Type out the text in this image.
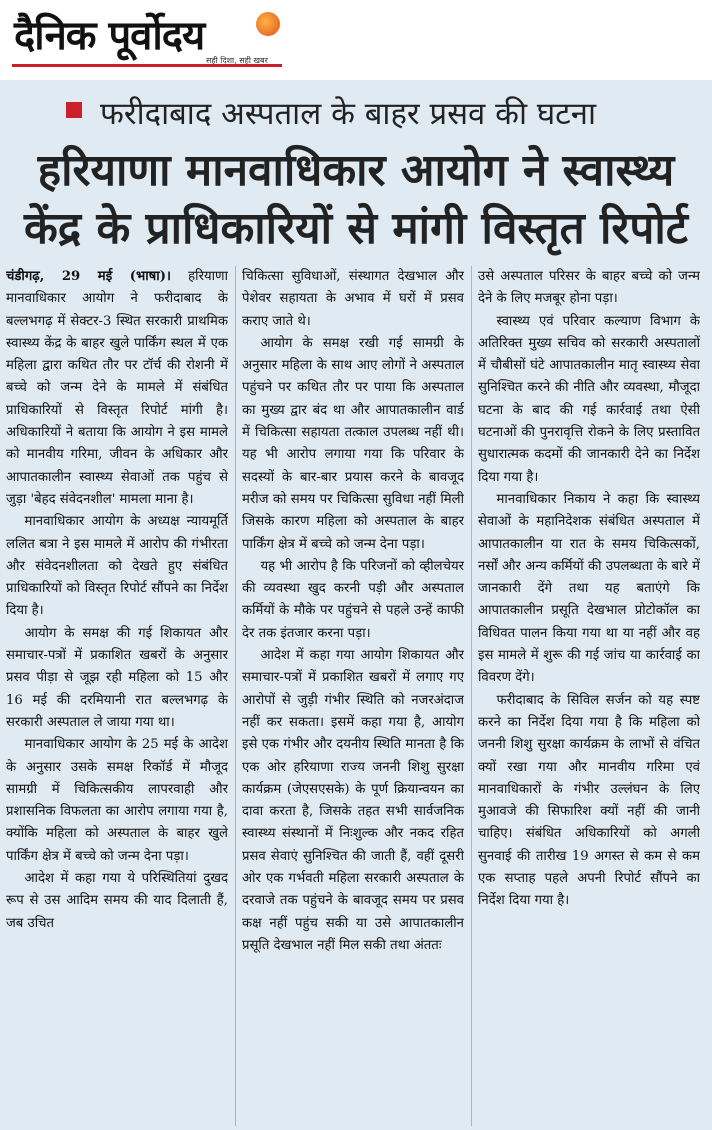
दैनिक पूर्वोदय
सही दिशा, सही खबर
फरीदाबाद अस्पताल के बाहर प्रसव की घटना
हरियाणा मानवाधिकार आयोग ने स्वास्थ्य केंद्र के प्राधिकारियों से मांगी विस्तृत रिपोर्ट

चंडीगढ़, 29 मई (भाषा)। हरियाणा मानवाधिकार आयोग ने फरीदाबाद के बल्लभगढ़ में सेक्टर-3 स्थित सरकारी प्राथमिक स्वास्थ्य केंद्र के बाहर खुले पार्किंग स्थल में एक महिला द्वारा कथित तौर पर टॉर्च की रोशनी में बच्चे को जन्म देने के मामले में संबंधित प्राधिकारियों से विस्तृत रिपोर्ट मांगी है। अधिकारियों ने बताया कि आयोग ने इस मामले को मानवीय गरिमा, जीवन के अधिकार और आपातकालीन स्वास्थ्य सेवाओं तक पहुंच से जुड़ा 'बेहद संवेदनशील' मामला माना है।

मानवाधिकार आयोग के अध्यक्ष न्यायमूर्ति ललित बत्रा ने इस मामले में आरोप की गंभीरता और संवेदनशीलता को देखते हुए संबंधित प्राधिकारियों को विस्तृत रिपोर्ट सौंपने का निर्देश दिया है।

आयोग के समक्ष की गई शिकायत और समाचार-पत्रों में प्रकाशित खबरों के अनुसार प्रसव पीड़ा से जूझ रही महिला को 15 और 16 मई की दरमियानी रात बल्लभगढ़ के सरकारी अस्पताल ले जाया गया था।

मानवाधिकार आयोग के 25 मई के आदेश के अनुसार उसके समक्ष रिकॉर्ड में मौजूद सामग्री में चिकित्सकीय लापरवाही और प्रशासनिक विफलता का आरोप लगाया गया है, क्योंकि महिला को अस्पताल के बाहर खुले पार्किंग क्षेत्र में बच्चे को जन्म देना पड़ा।

आदेश में कहा गया ये परिस्थितियां दुखद रूप से उस आदिम समय की याद दिलाती हैं, जब उचित

चिकित्सा सुविधाओं, संस्थागत देखभाल और पेशेवर सहायता के अभाव में घरों में प्रसव कराए जाते थे।

आयोग के समक्ष रखी गई सामग्री के अनुसार महिला के साथ आए लोगों ने अस्पताल पहुंचने पर कथित तौर पर पाया कि अस्पताल का मुख्य द्वार बंद था और आपातकालीन वार्ड में चिकित्सा सहायता तत्काल उपलब्ध नहीं थी। यह भी आरोप लगाया गया कि परिवार के सदस्यों के बार-बार प्रयास करने के बावजूद मरीज को समय पर चिकित्सा सुविधा नहीं मिली जिसके कारण महिला को अस्पताल के बाहर पार्किंग क्षेत्र में बच्चे को जन्म देना पड़ा।

यह भी आरोप है कि परिजनों को व्हीलचेयर की व्यवस्था खुद करनी पड़ी और अस्पताल कर्मियों के मौके पर पहुंचने से पहले उन्हें काफी देर तक इंतजार करना पड़ा।

आदेश में कहा गया आयोग शिकायत और समाचार-पत्रों में प्रकाशित खबरों में लगाए गए आरोपों से जुड़ी गंभीर स्थिति को नजरअंदाज नहीं कर सकता। इसमें कहा गया है, आयोग इसे एक गंभीर और दयनीय स्थिति मानता है कि एक ओर हरियाणा राज्य जननी शिशु सुरक्षा कार्यक्रम (जेएसएसके) के पूर्ण क्रियान्वयन का दावा करता है, जिसके तहत सभी सार्वजनिक स्वास्थ्य संस्थानों में निःशुल्क और नकद रहित प्रसव सेवाएं सुनिश्चित की जाती हैं, वहीं दूसरी ओर एक गर्भवती महिला सरकारी अस्पताल के दरवाजे तक पहुंचने के बावजूद समय पर प्रसव कक्ष नहीं पहुंच सकी या उसे आपातकालीन प्रसूति देखभाल नहीं मिल सकी तथा अंततः

उसे अस्पताल परिसर के बाहर बच्चे को जन्म देने के लिए मजबूर होना पड़ा।

स्वास्थ्य एवं परिवार कल्याण विभाग के अतिरिक्त मुख्य सचिव को सरकारी अस्पतालों में चौबीसों घंटे आपातकालीन मातृ स्वास्थ्य सेवा सुनिश्चित करने की नीति और व्यवस्था, मौजूदा घटना के बाद की गई कार्रवाई तथा ऐसी घटनाओं की पुनरावृत्ति रोकने के लिए प्रस्तावित सुधारात्मक कदमों की जानकारी देने का निर्देश दिया गया है।

मानवाधिकार निकाय ने कहा कि स्वास्थ्य सेवाओं के महानिदेशक संबंधित अस्पताल में आपातकालीन या रात के समय चिकित्सकों, नर्सों और अन्य कर्मियों की उपलब्धता के बारे में जानकारी देंगे तथा यह बताएंगे कि आपातकालीन प्रसूति देखभाल प्रोटोकॉल का विधिवत पालन किया गया था या नहीं और वह इस मामले में शुरू की गई जांच या कार्रवाई का विवरण देंगे।

फरीदाबाद के सिविल सर्जन को यह स्पष्ट करने का निर्देश दिया गया है कि महिला को जननी शिशु सुरक्षा कार्यक्रम के लाभों से वंचित क्यों रखा गया और मानवीय गरिमा एवं मानवाधिकारों के गंभीर उल्लंघन के लिए मुआवजे की सिफारिश क्यों नहीं की जानी चाहिए। संबंधित अधिकारियों को अगली सुनवाई की तारीख 19 अगस्त से कम से कम एक सप्ताह पहले अपनी रिपोर्ट सौंपने का निर्देश दिया गया है।
